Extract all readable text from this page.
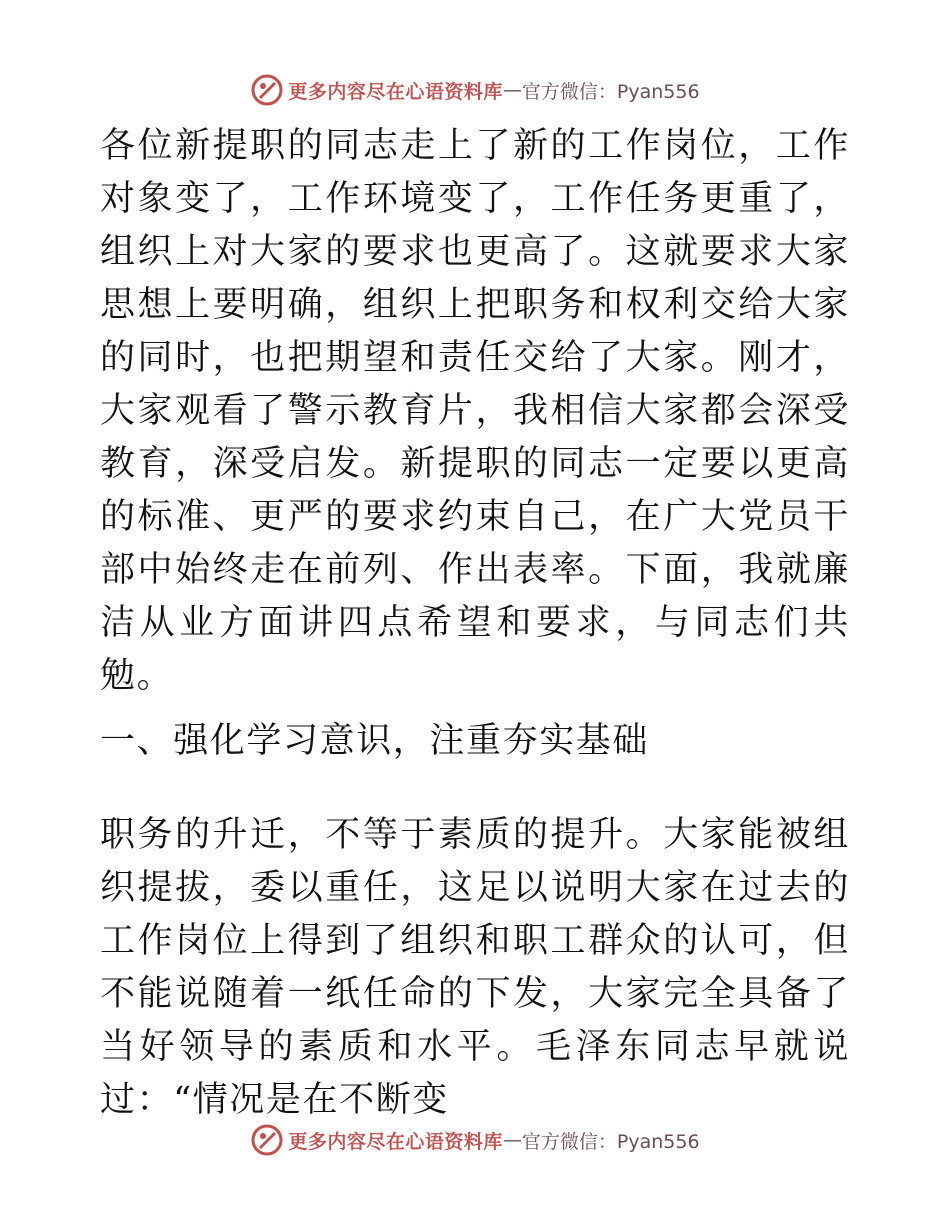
更多内容尽在心语资料库 — 官方微信：Pyan556

各位新提职的同志走上了新的工作岗位，工作对象变了，工作环境变了，工作任务更重了，组织上对大家的要求也更高了。这就要求大家思想上要明确，组织上把职务和权利交给大家的同时，也把期望和责任交给了大家。刚才，大家观看了警示教育片，我相信大家都会深受教育，深受启发。新提职的同志一定要以更高的标准、更严的要求约束自己，在广大党员干部中始终走在前列、作出表率。下面，我就廉洁从业方面讲四点希望和要求，与同志们共勉。

一、强化学习意识，注重夯实基础

职务的升迁，不等于素质的提升。大家能被组织提拔，委以重任，这足以说明大家在过去的工作岗位上得到了组织和职工群众的认可，但不能说随着一纸任命的下发，大家完全具备了当好领导的素质和水平。毛泽东同志早就说过：“情况是在不断变

更多内容尽在心语资料库 — 官方微信：Pyan556
